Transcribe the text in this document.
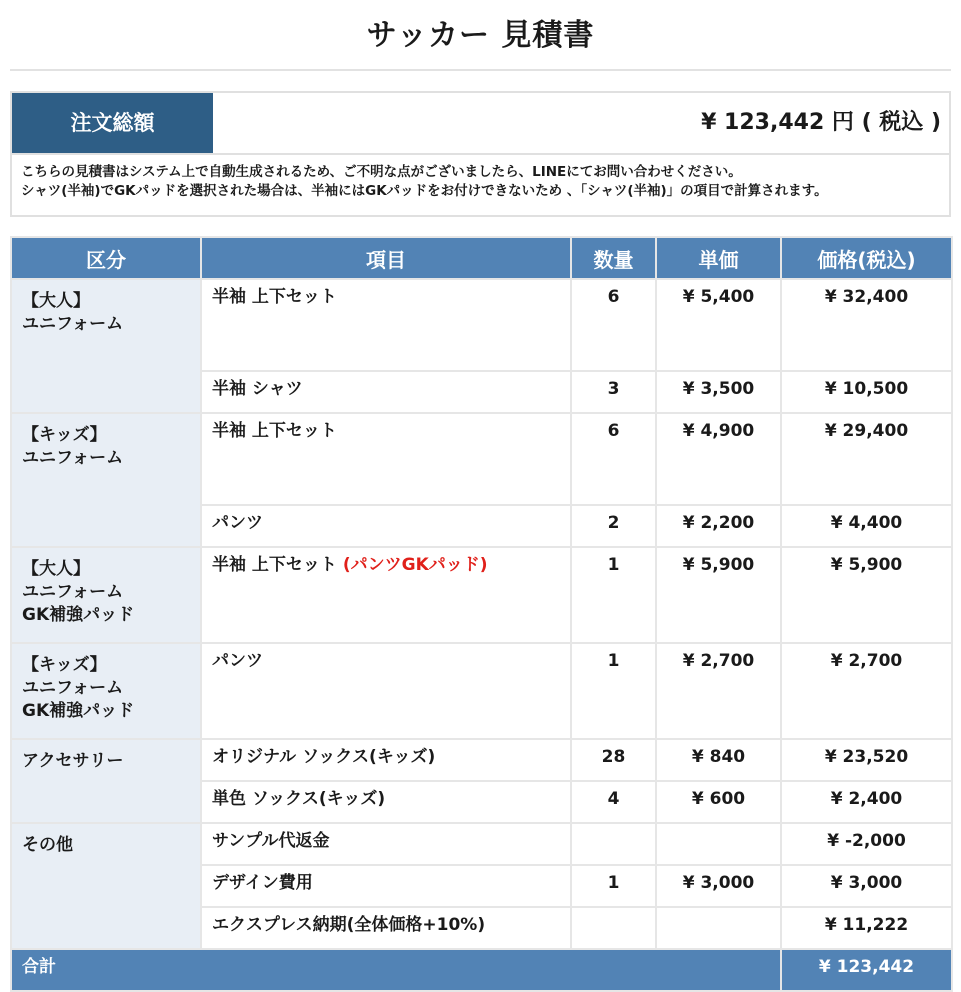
サッカー 見積書
注文総額	¥ 123,442 円 ( 税込 )
こちらの見積書はシステム上で自動生成されるため、ご不明な点がございましたら、LINEにてお問い合わせください。
シャツ(半袖)でGKパッドを選択された場合は、半袖にはGKパッドをお付けできないため 、「シャツ(半袖)」の項目で計算されます。
区分	項目	数量	単価	価格(税込)

【大人】
ユニフォーム	半袖 上下セット	6	¥ 5,400	¥ 32,400
	半袖 シャツ	3	¥ 3,500	¥ 10,500

【キッズ】
ユニフォーム	半袖 上下セット	6	¥ 4,900	¥ 29,400
	パンツ	2	¥ 2,200	¥ 4,400

【大人】
ユニフォーム
GK補強パッド	半袖 上下セット (パンツGKパッド)	1	¥ 5,900	¥ 5,900

【キッズ】
ユニフォーム
GK補強パッド	パンツ	1	¥ 2,700	¥ 2,700

アクセサリー	オリジナル ソックス(キッズ)	28	¥ 840	¥ 23,520
	単色 ソックス(キッズ)	4	¥ 600	¥ 2,400

その他	サンプル代返金			¥ -2,000
	デザイン費用	1	¥ 3,000	¥ 3,000
	エクスプレス納期(全体価格+10%)			¥ 11,222
合計				¥ 123,442
